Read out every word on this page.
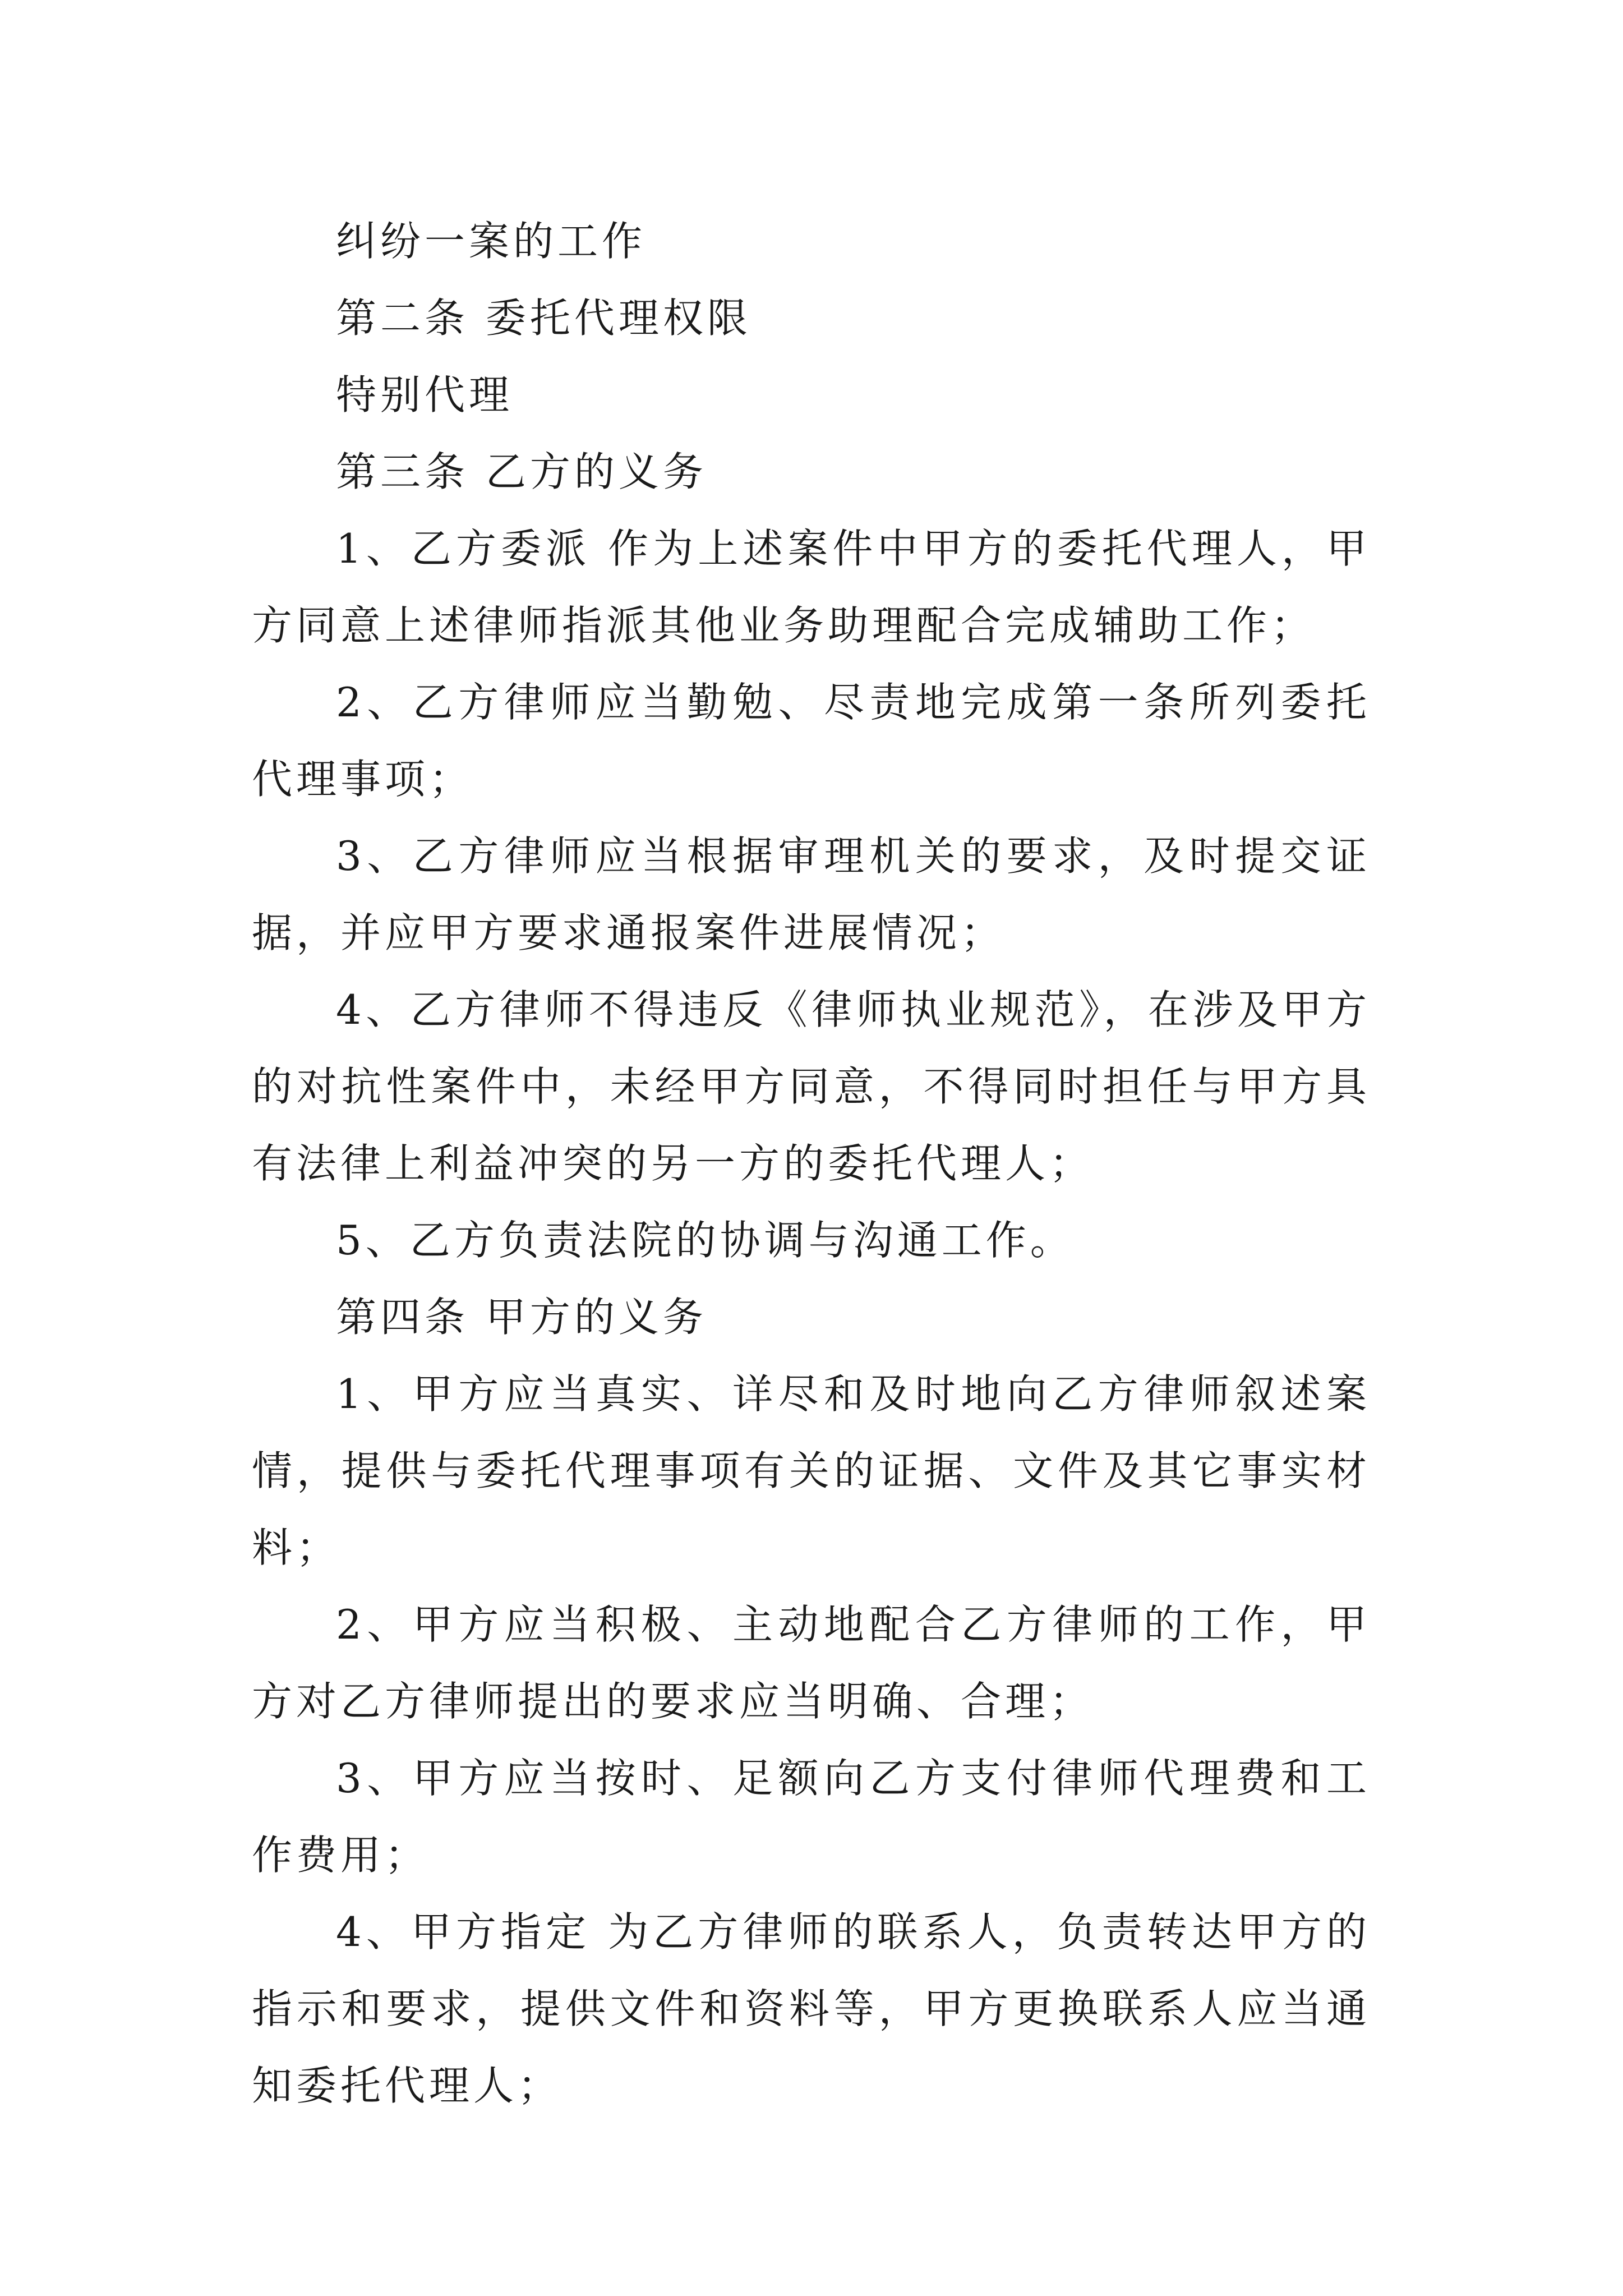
纠纷一案的工作

第二条 委托代理权限

特别代理

第三条 乙方的义务

1、乙方委派 作为上述案件中甲方的委托代理人，甲方同意上述律师指派其他业务助理配合完成辅助工作；

2、乙方律师应当勤勉、尽责地完成第一条所列委托代理事项；

3、乙方律师应当根据审理机关的要求，及时提交证据，并应甲方要求通报案件进展情况；

4、乙方律师不得违反《律师执业规范》，在涉及甲方的对抗性案件中，未经甲方同意，不得同时担任与甲方具有法律上利益冲突的另一方的委托代理人；

5、乙方负责法院的协调与沟通工作。

第四条 甲方的义务

1、甲方应当真实、详尽和及时地向乙方律师叙述案情，提供与委托代理事项有关的证据、文件及其它事实材料；

2、甲方应当积极、主动地配合乙方律师的工作，甲方对乙方律师提出的要求应当明确、合理；

3、甲方应当按时、足额向乙方支付律师代理费和工作费用；

4、甲方指定 为乙方律师的联系人，负责转达甲方的指示和要求，提供文件和资料等，甲方更换联系人应当通知委托代理人；
